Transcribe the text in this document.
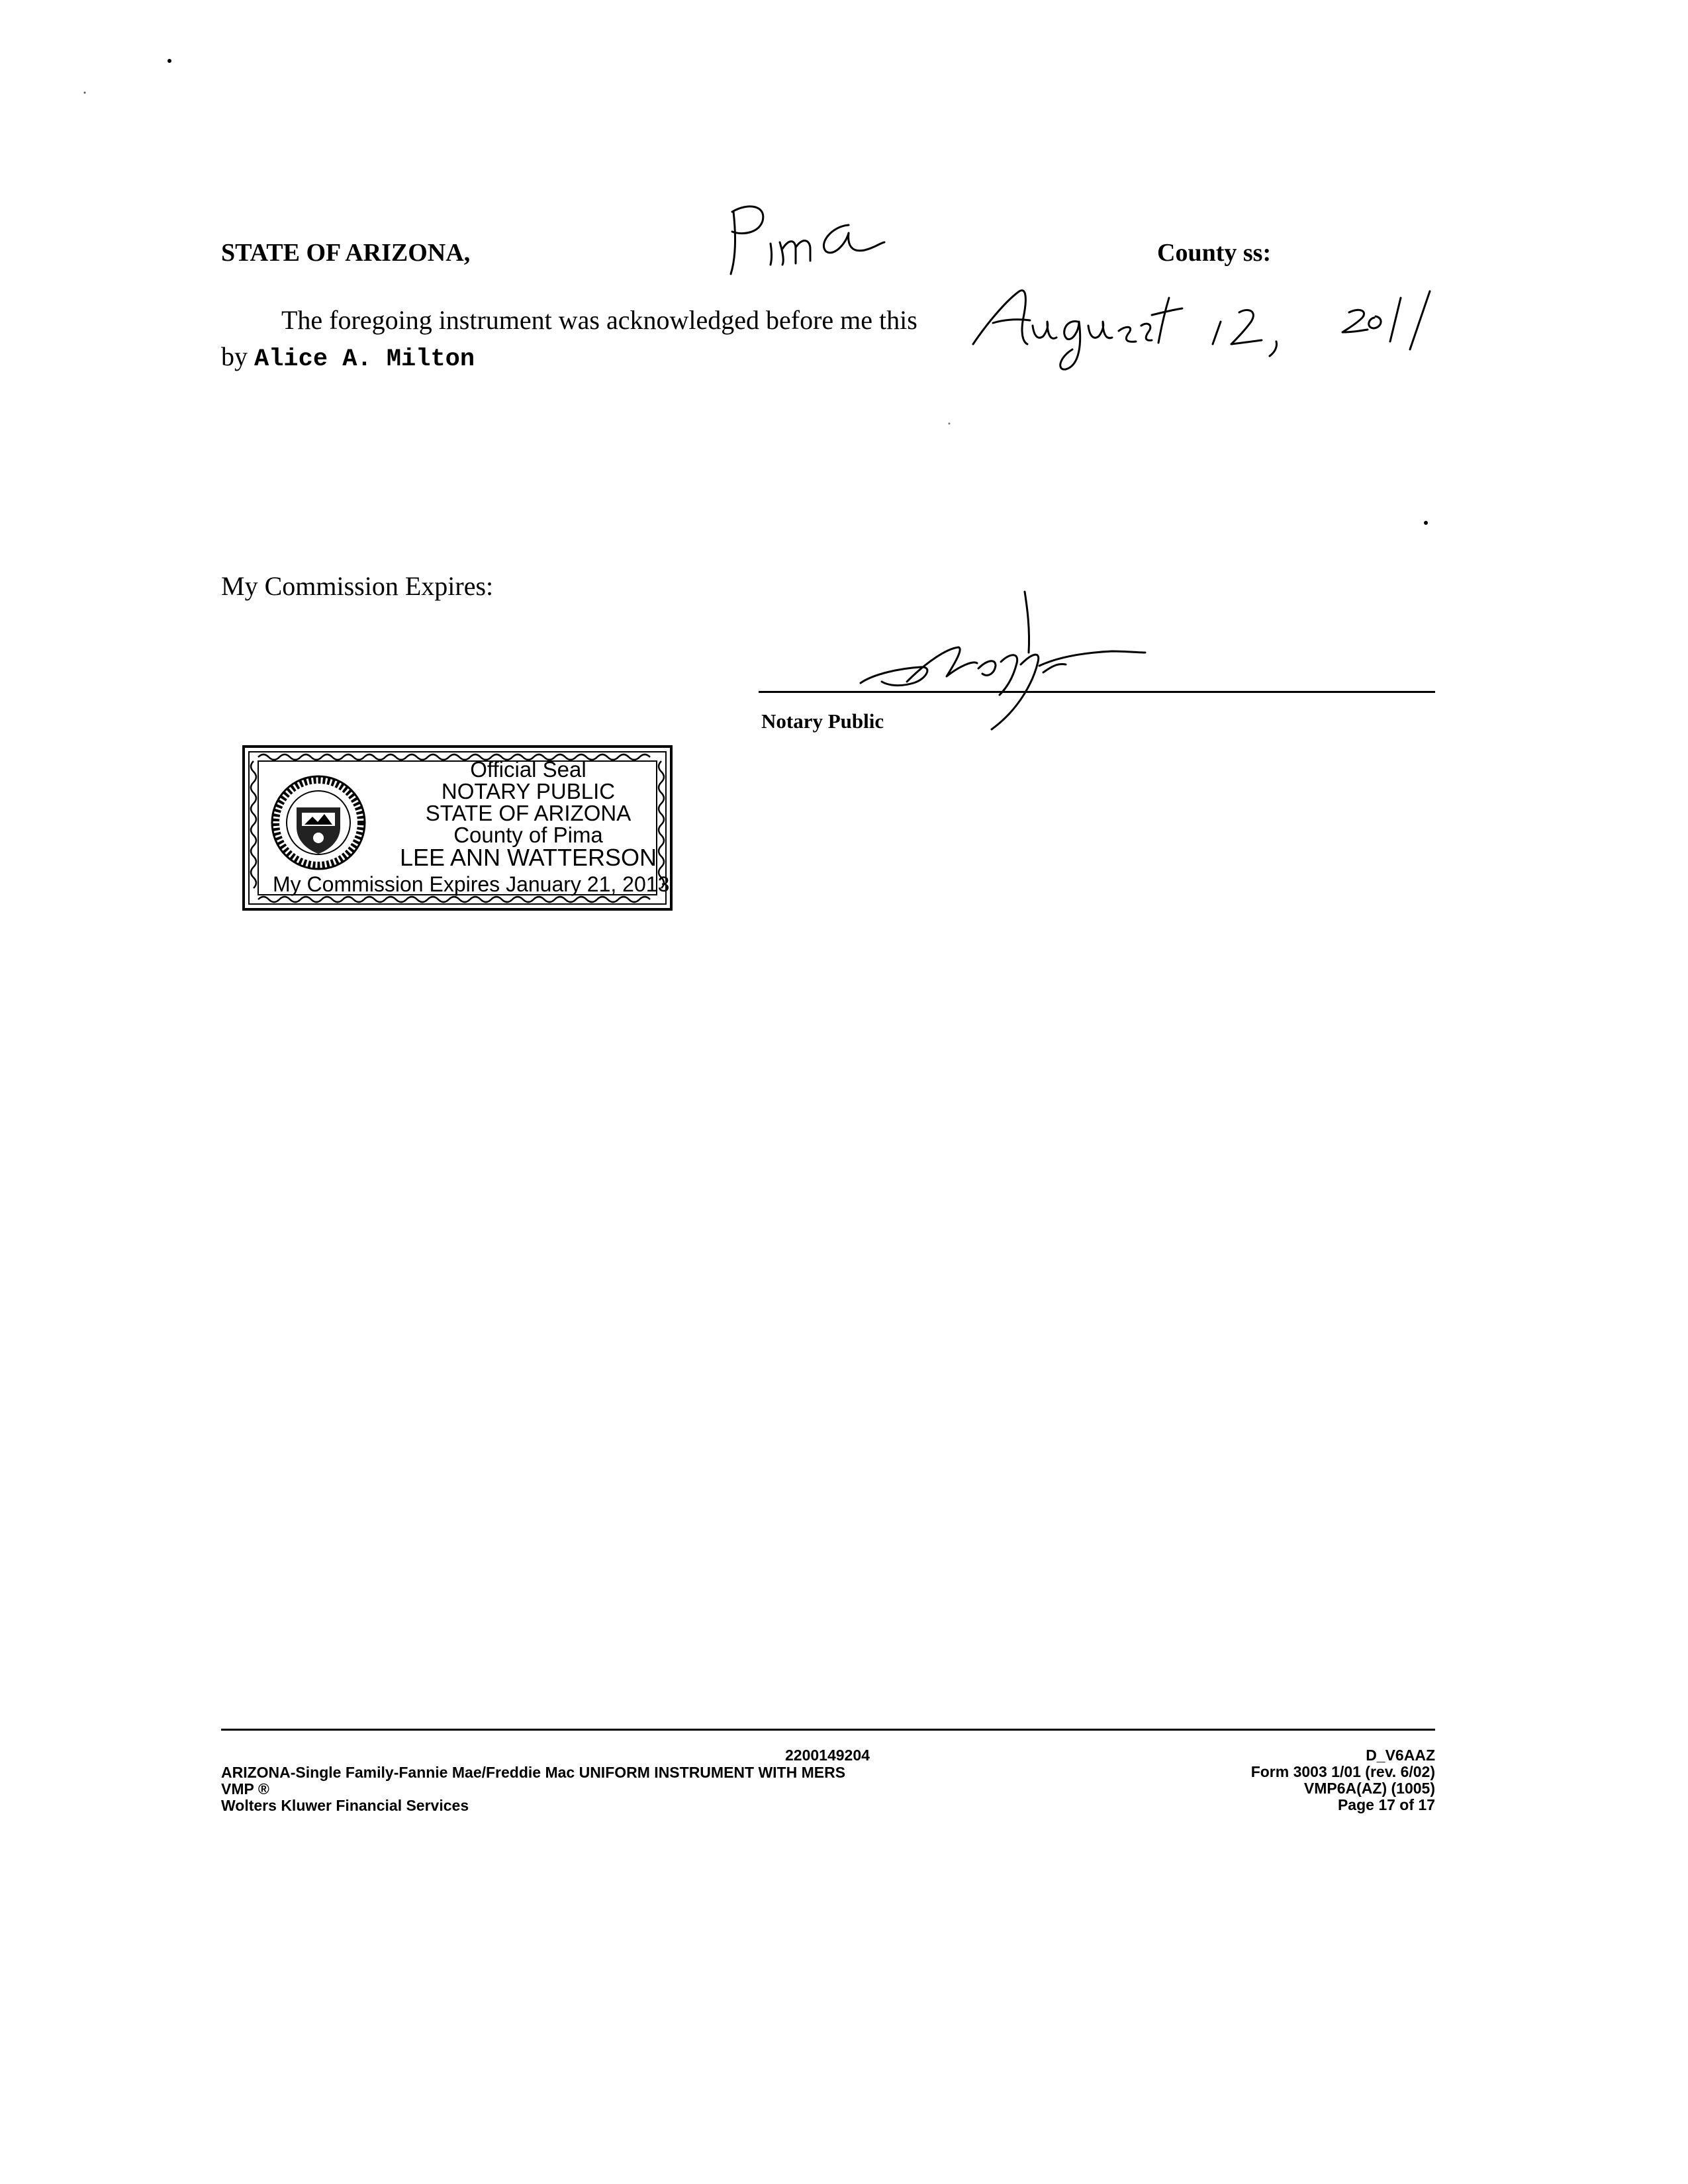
STATE OF ARIZONA,	County ss:
The foregoing instrument was acknowledged before me this
by Alice A. Milton
My Commission Expires:
Notary Public
Official Seal
NOTARY PUBLIC
STATE OF ARIZONA
County of Pima
LEE ANN WATTERSON
My Commission Expires January 21, 2013
2200149204
ARIZONA-Single Family-Fannie Mae/Freddie Mac UNIFORM INSTRUMENT WITH MERS
VMP ®
Wolters Kluwer Financial Services
D_V6AAZ
Form 3003 1/01 (rev. 6/02)
VMP6A(AZ) (1005)
Page 17 of 17
